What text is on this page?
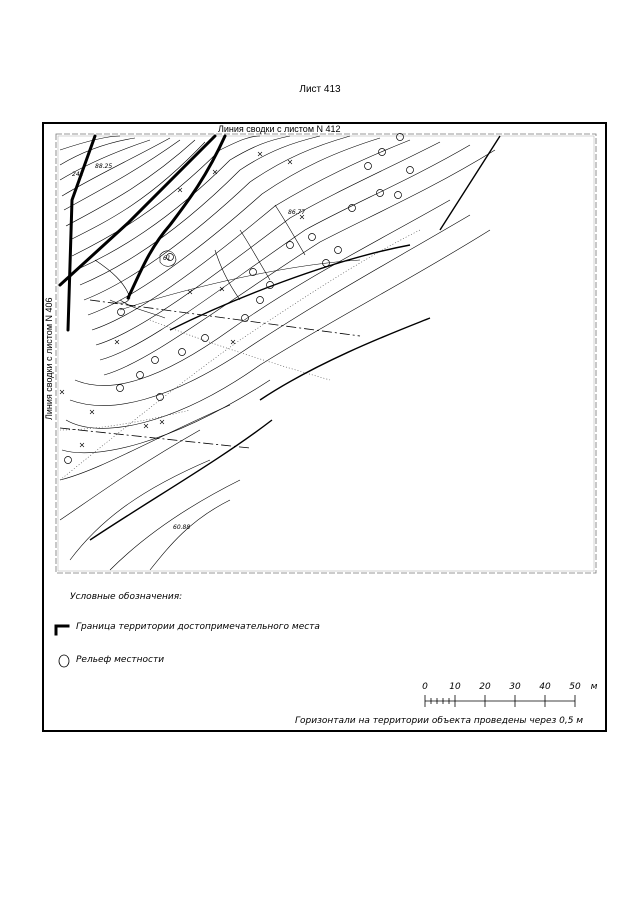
Лист 413
Линия сводки с листом N 412
Линия сводки с листом N 406
241
88.25
86.77
60.88
61
Условные обозначения:
Граница территории достопримечательного места
Рельеф местности
0	10	20	30	40	50	м
Горизонтали на территории объекта проведены через 0,5 м
